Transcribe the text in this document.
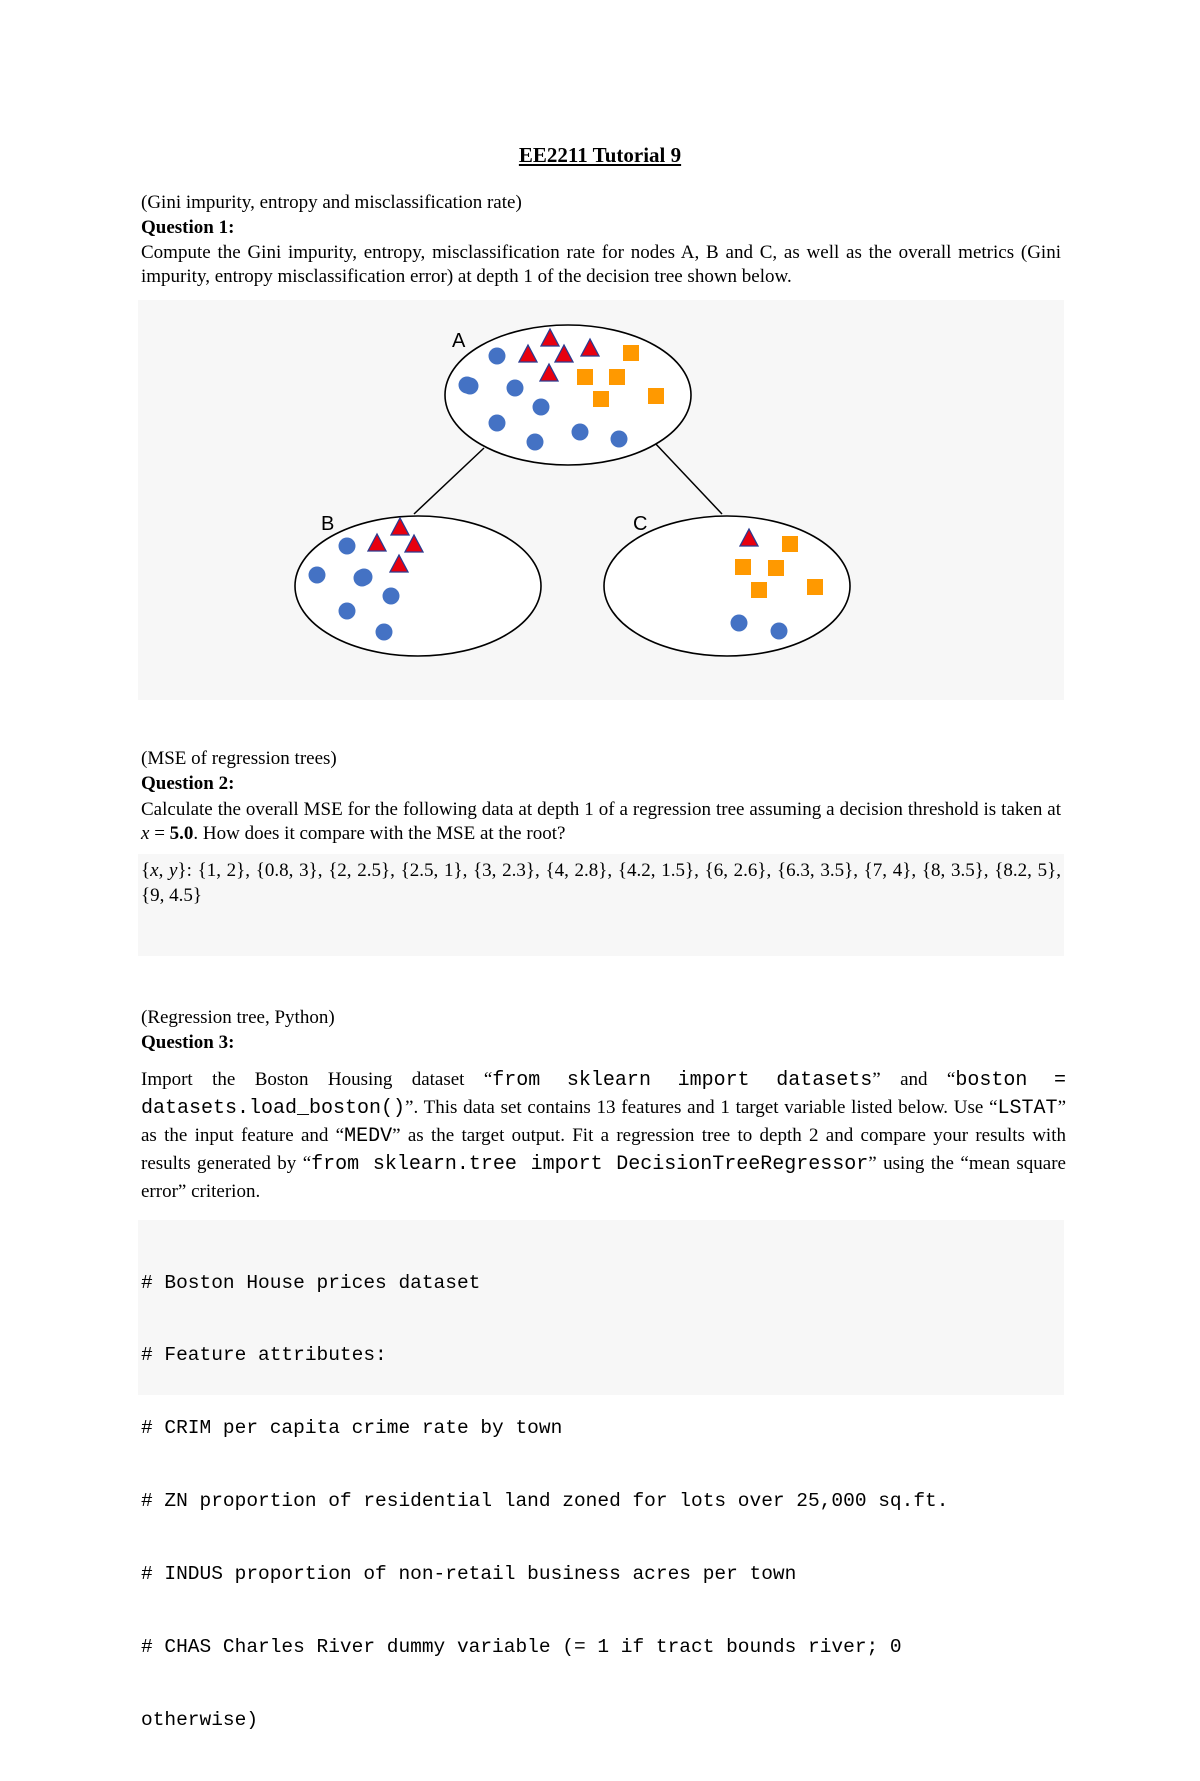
EE2211 Tutorial 9
(Gini impurity, entropy and misclassification rate)
Question 1:
Compute the Gini impurity, entropy, misclassification rate for nodes A, B and C, as well as the overall metrics (Gini impurity, entropy misclassification error) at depth 1 of the decision tree shown below.
A
B	C
(MSE of regression trees)
Question 2:
Calculate the overall MSE for the following data at depth 1 of a regression tree assuming a decision threshold is taken at x = 5.0. How does it compare with the MSE at the root?
{x, y}: {1, 2}, {0.8, 3}, {2, 2.5}, {2.5, 1}, {3, 2.3}, {4, 2.8}, {4.2, 1.5}, {6, 2.6}, {6.3, 3.5}, {7, 4}, {8, 3.5}, {8.2, 5}, {9, 4.5}
(Regression tree, Python)
Question 3:
Import the Boston Housing dataset “from sklearn import datasets” and “boston = datasets.load_boston()”. This data set contains 13 features and 1 target variable listed below. Use “LSTAT” as the input feature and “MEDV” as the target output. Fit a regression tree to depth 2 and compare your results with results generated by “from sklearn.tree import DecisionTreeRegressor” using the “mean square error” criterion.

# Boston House prices dataset

# Feature attributes:

# CRIM per capita crime rate by town

# ZN proportion of residential land zoned for lots over 25,000 sq.ft.

# INDUS proportion of non-retail business acres per town

# CHAS Charles River dummy variable (= 1 if tract bounds river; 0

otherwise)
